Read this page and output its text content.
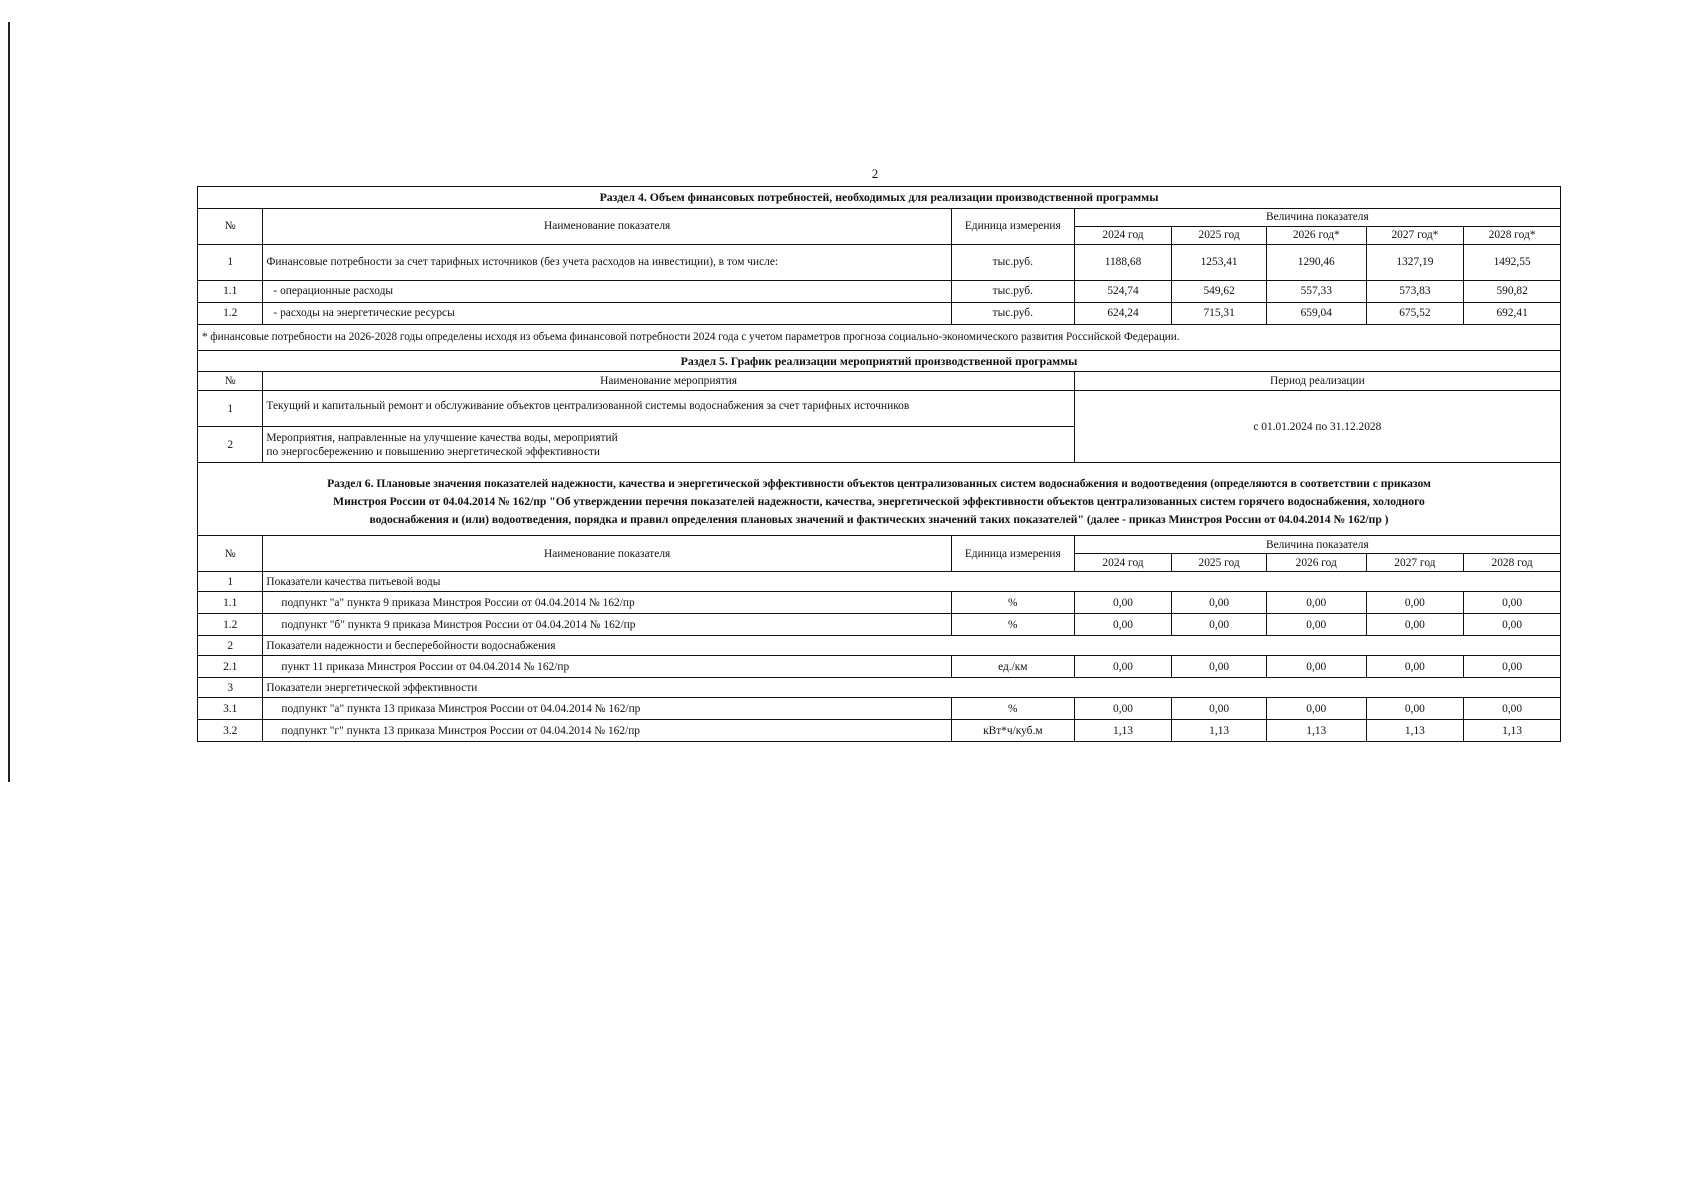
2
Раздел 4. Объем финансовых потребностей, необходимых для реализации производственной программы							
№	Наименование показателя	Единица измерения	Величина показателя				
			2024 год	2025 год	2026 год*	2027 год*	2028 год*
1	Финансовые потребности за счет тарифных источников (без учета расходов на инвестиции), в том числе:	тыс.руб.	1188,68	1253,41	1290,46	1327,19	1492,55
1.1	- операционные расходы	тыс.руб.	524,74	549,62	557,33	573,83	590,82
1.2	- расходы на энергетические ресурсы	тыс.руб.	624,24	715,31	659,04	675,52	692,41
* финансовые потребности на 2026-2028 годы определены исходя из объема финансовой потребности 2024 года с учетом параметров прогноза социально-экономического развития Российской Федерации.							
Раздел 5. График реализации мероприятий производственной программы							
№	Наименование мероприятия		Период реализации				
1	Текущий и капитальный ремонт и обслуживание объектов централизованной системы водоснабжения за счет тарифных источников		с 01.01.2024 по 31.12.2028				
2	Мероприятия, направленные на улучшение качества воды, мероприятий
по энергосбережению и повышению энергетической эффективности						

Раздел 6. Плановые значения показателей надежности, качества и энергетической эффективности объектов централизованных систем водоснабжения и водоотведения (определяются в соответствии с приказом
Минстроя России от 04.04.2014 № 162/пр "Об утверждении перечня показателей надежности, качества, энергетической эффективности объектов централизованных систем горячего водоснабжения, холодного
водоснабжения и (или) водоотведения, порядка и правил определения плановых значений и фактических значений таких показателей" (далее - приказ Минстроя России от 04.04.2014 № 162/пр )							

№	Наименование показателя	Единица измерения	Величина показателя				
			2024 год	2025 год	2026 год	2027 год	2028 год
1	Показатели качества питьевой воды						
1.1	подпункт "а" пункта 9 приказа Минстроя России от 04.04.2014 № 162/пр	%	0,00	0,00	0,00	0,00	0,00
1.2	подпункт "б" пункта 9 приказа Минстроя России от 04.04.2014 № 162/пр	%	0,00	0,00	0,00	0,00	0,00
2	Показатели надежности и бесперебойности водоснабжения						
2.1	пункт 11 приказа Минстроя России от 04.04.2014 № 162/пр	ед./км	0,00	0,00	0,00	0,00	0,00
3	Показатели энергетической эффективности						
3.1	подпункт "а" пункта 13 приказа Минстроя России от 04.04.2014 № 162/пр	%	0,00	0,00	0,00	0,00	0,00
3.2	подпункт "г" пункта 13 приказа Минстроя России от 04.04.2014 № 162/пр	кВт*ч/куб.м	1,13	1,13	1,13	1,13	1,13
